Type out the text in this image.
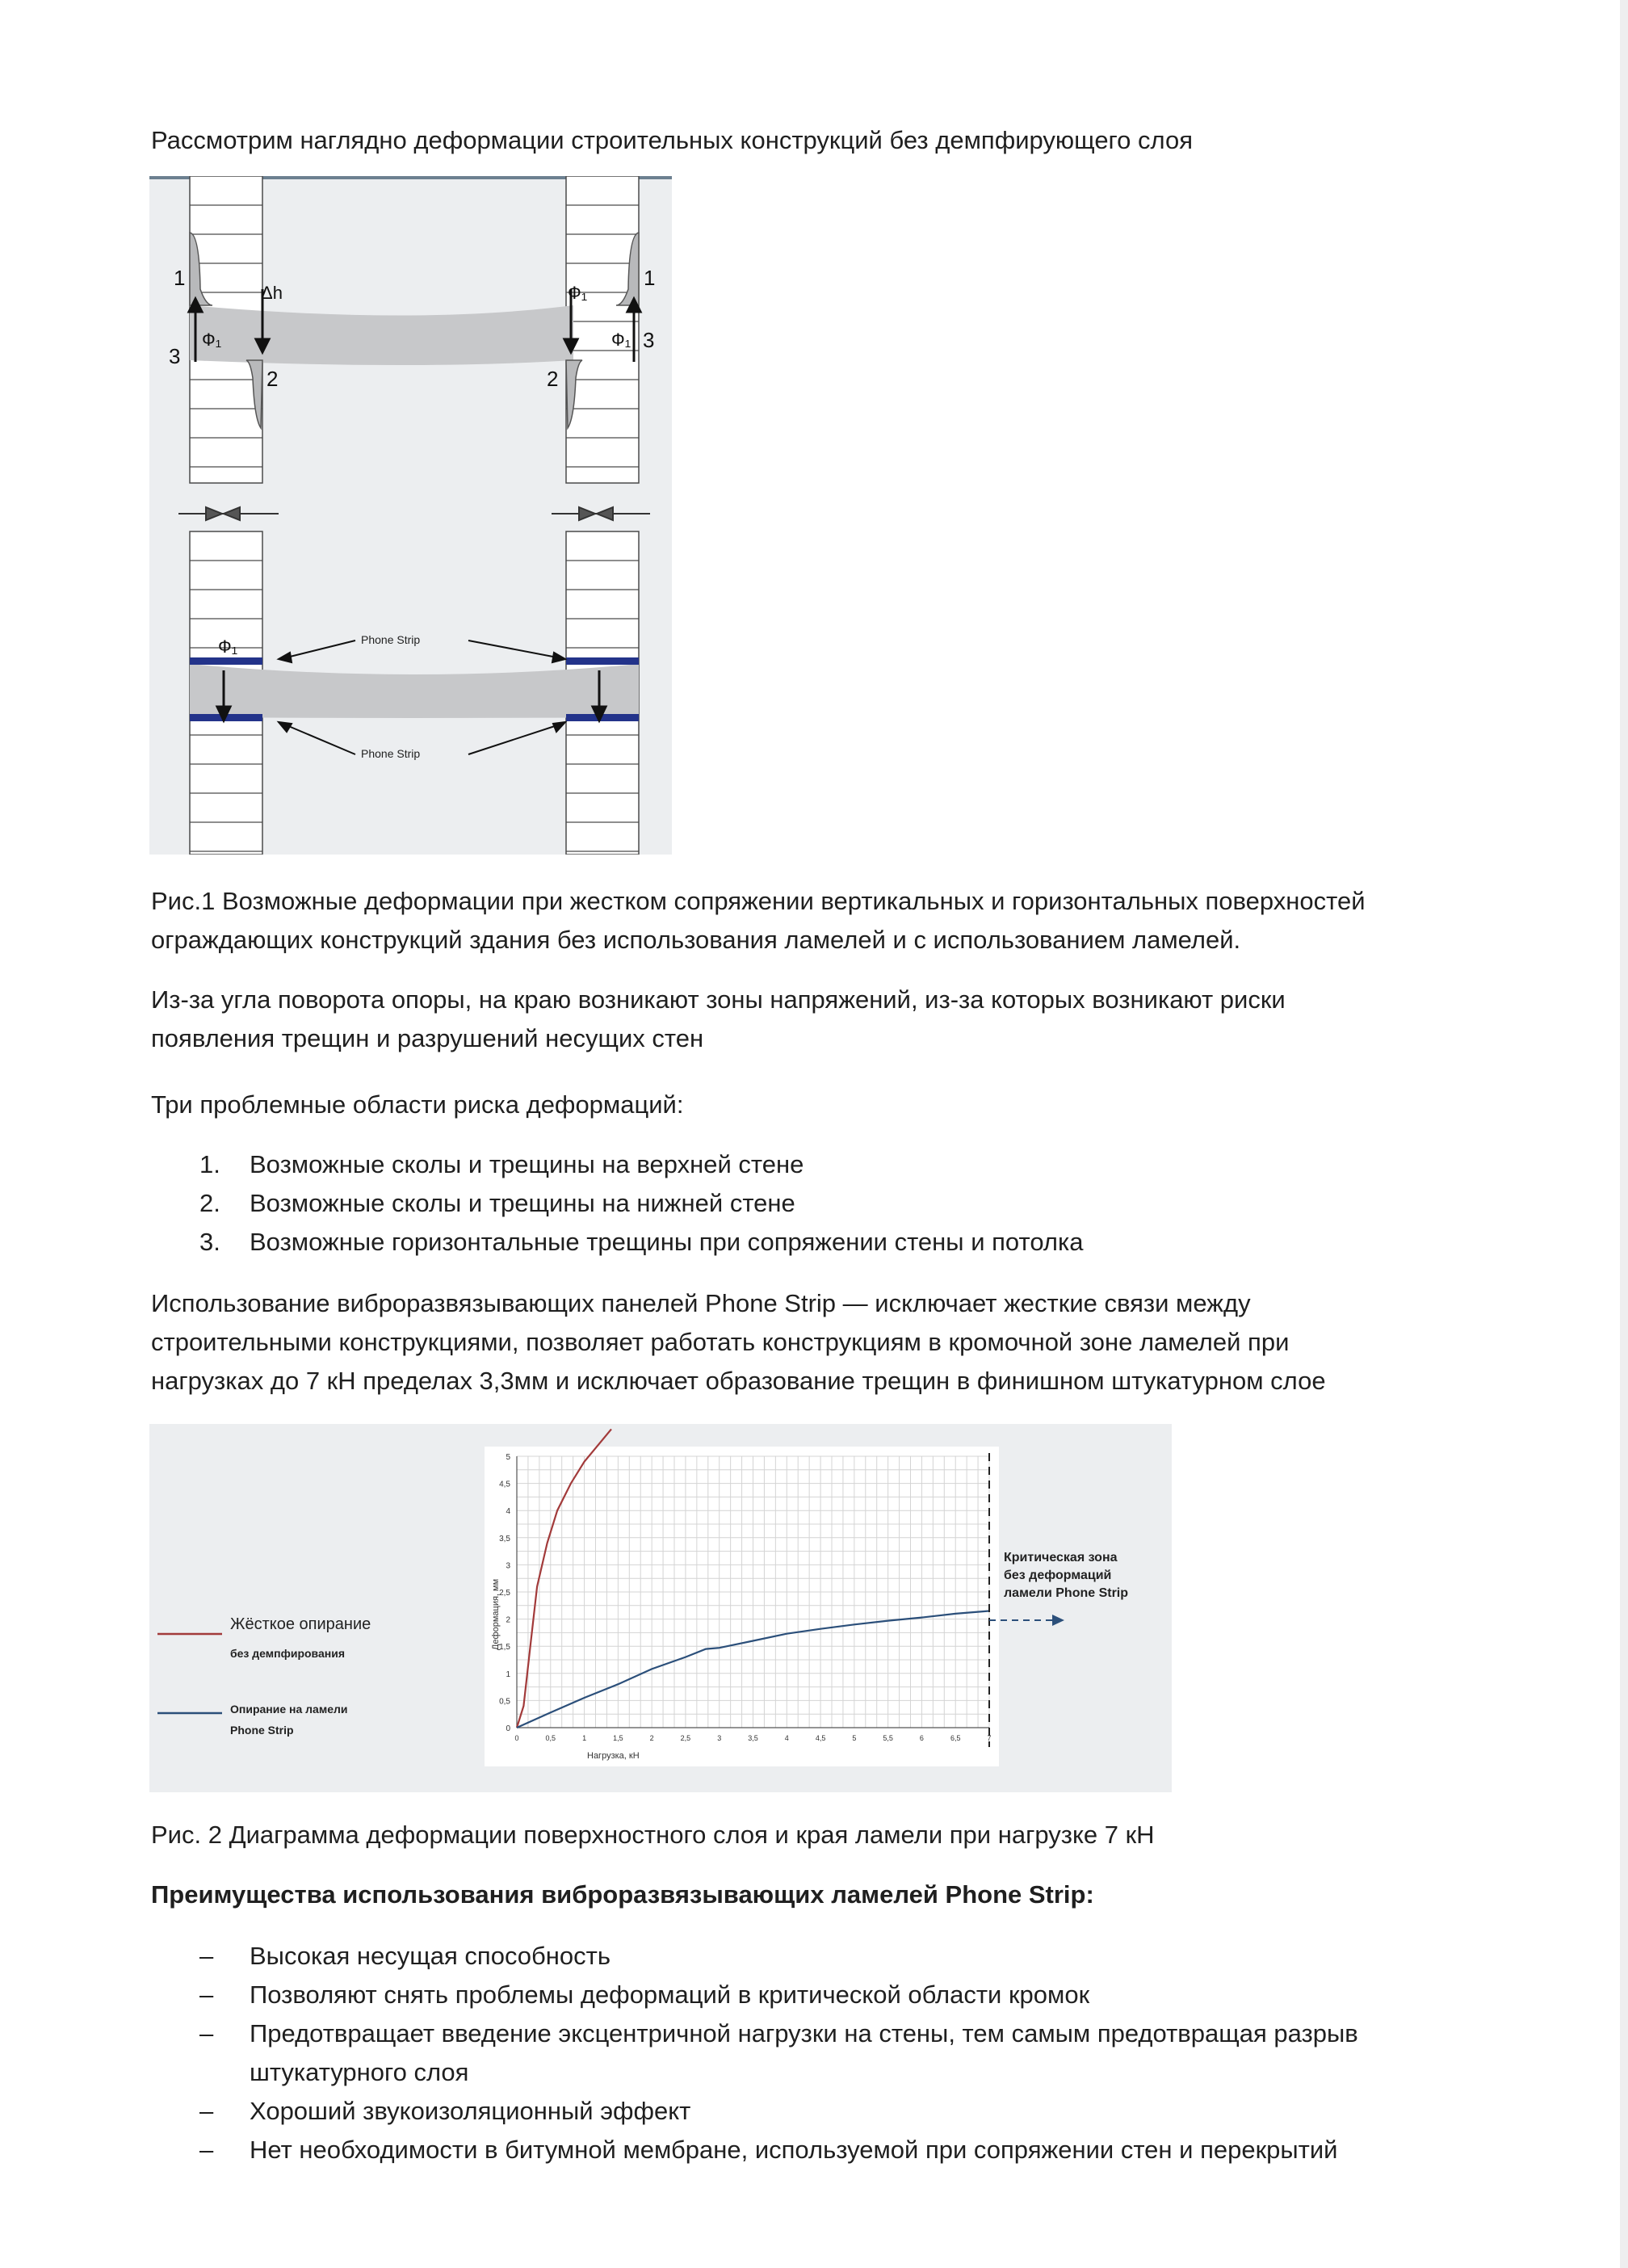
Рассмотрим наглядно деформации строительных конструкций без демпфирующего слоя
1
2
3
1
2
3
Ф₁
Δh	Ф₁
Ф₁
Ф₁	Phone Strip
Phone Strip
Рис.1 Возможные деформации при жестком сопряжении вертикальных и горизонтальных поверхностей
ограждающих конструкций здания без использования ламелей и с использованием ламелей.
Из-за угла поворота опоры, на краю возникают зоны напряжений, из-за которых возникают риски
появления трещин и разрушений несущих стен
Три проблемные области риска деформаций:
1. Возможные сколы и трещины на верхней стене
2. Возможные сколы и трещины на нижней стене
3. Возможные горизонтальные трещины при сопряжении стены и потолка
Использование виброразвязывающих панелей Phone Strip — исключает жесткие связи между
строительными конструкциями, позволяет работать конструкциям в кромочной зоне ламелей при
нагрузках до 7 кН пределах 3,3мм и исключает образование трещин в финишном штукатурном слое
0
0,5
1
1,5
2
2,5
3
3,5
4
4,5
5
0	0,5	1	1,5	2	2,5	3	3,5	4	4,5	5	5,5	6	6,5	7
Критическая зона
без деформаций
ламели Phone Strip
Нагрузка, кН
Деформация, мм
Жёсткое опирание
без демпфирования
Опирание на ламели
Phone Strip
Рис. 2 Диаграмма деформации поверхностного слоя и края ламели при нагрузке 7 кН
Преимущества использования виброразвязывающих ламелей Phone Strip:
– Высокая несущая способность
– Позволяют снять проблемы деформаций в критической области кромок
– Предотвращает введение эксцентричной нагрузки на стены, тем самым предотвращая разрыв
штукатурного слоя
– Хороший звукоизоляционный эффект
– Нет необходимости в битумной мембране, используемой при сопряжении стен и перекрытий
